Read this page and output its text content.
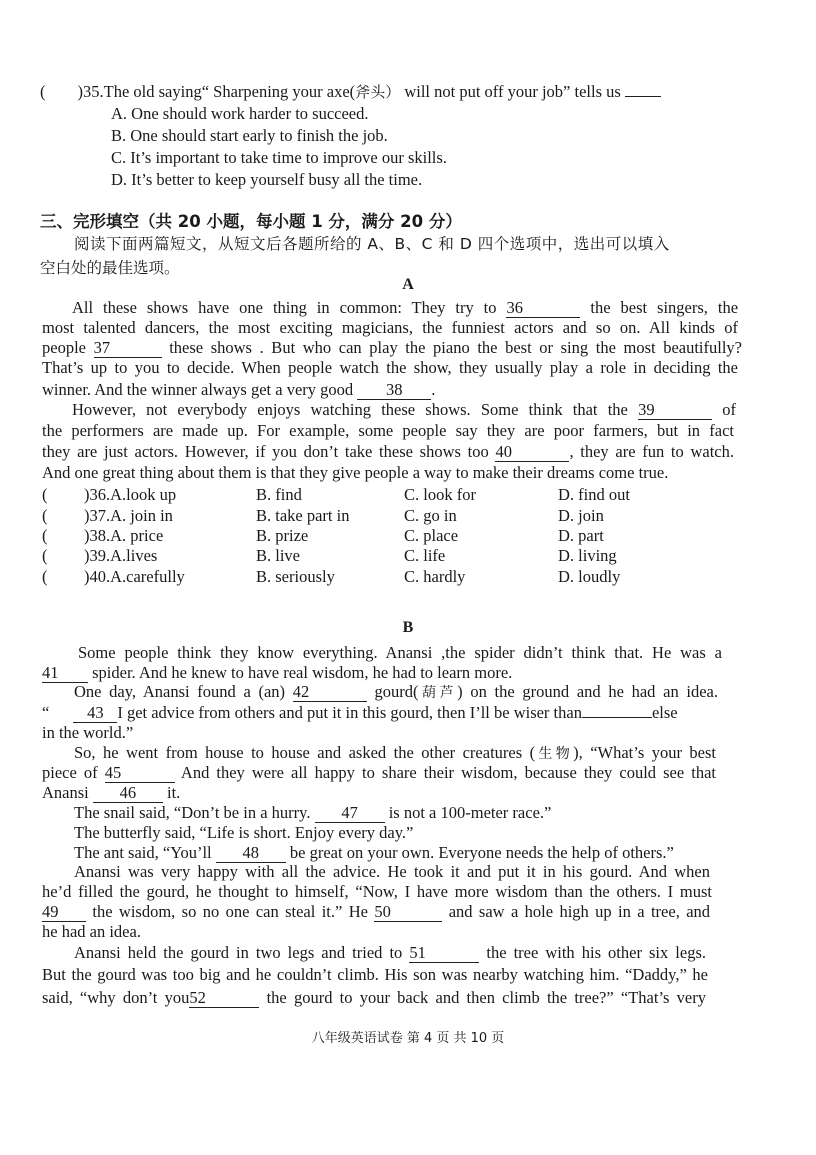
( )35.The old saying“ Sharpening your axe(斧头） will not put off your job” tells us
A. One should work harder to succeed.
B. One should start early to finish the job.
C. It’s important to take time to improve our skills.
D. It’s better to keep yourself busy all the time.
三、完形填空（共 20 小题，每小题 1 分，满分 20 分）
阅读下面两篇短文，从短文后各题所给的 A、B、C 和 D 四个选项中，选出可以填入
空白处的最佳选项。
A
All these shows have one thing in common: They try to 36	the best singers, the
most talented dancers, the most exciting magicians, the funniest actors and so on. All kinds of
people 37	these shows . But who can play the piano the best or sing the most beautifully?
That’s up to you to decide. When people watch the show, they usually play a role in deciding the
winner. And the winner always get a very good 38 .
However, not everybody enjoys watching these shows. Some think that the 39	of
the performers are made up. For example, some people say they are poor farmers, but in fact
they are just actors. However, if you don’t take these shows too 40	, they are fun to watch.
And one great thing about them is that they give people a way to make their dreams come true.
( )36.A.look up	B. find	C. look for	D. find out
( )37.A. join in	B. take part in	C. go in	D. join
( )38.A. price	B. prize	C. place	D. part
( )39.A.lives	B. live	C. life	D. living
( )40.A.carefully	B. seriously	C. hardly	D. loudly
B
Some people think they know everything. Anansi ,the spider didn’t think that. He was a
41 spider. And he knew to have real wisdom, he had to learn more.
One day, Anansi found a (an) 42	gourd(葫芦) on the ground and he had an idea.
“ 43 I get advice from others and put it in this gourd, then I’ll be wiser than	else
in the world.”
So, he went from house to house and asked the other creatures (生物), “What’s your best
piece of 45	And they were all happy to share their wisdom, because they could see that
Anansi 46 it.
The snail said, “Don’t be in a hurry. 47 is not a 100-meter race.”
The butterfly said, “Life is short. Enjoy every day.”
The ant said, “You’ll 48 be great on your own. Everyone needs the help of others.”
Anansi was very happy with all the advice. He took it and put it in his gourd. And when
he’d filled the gourd, he thought to himself, “Now, I have more wisdom than the others. I must
49 the wisdom, so no one can steal it.” He 50	and saw a hole high up in a tree, and
he had an idea.
Anansi held the gourd in two legs and tried to 51	the tree with his other six legs.
But the gourd was too big and he couldn’t climb. His son was nearby watching him. “Daddy,” he
said, “why don’t you52	the gourd to your back and then climb the tree?” “That’s very
八年级英语试卷 第 4 页 共 10 页
